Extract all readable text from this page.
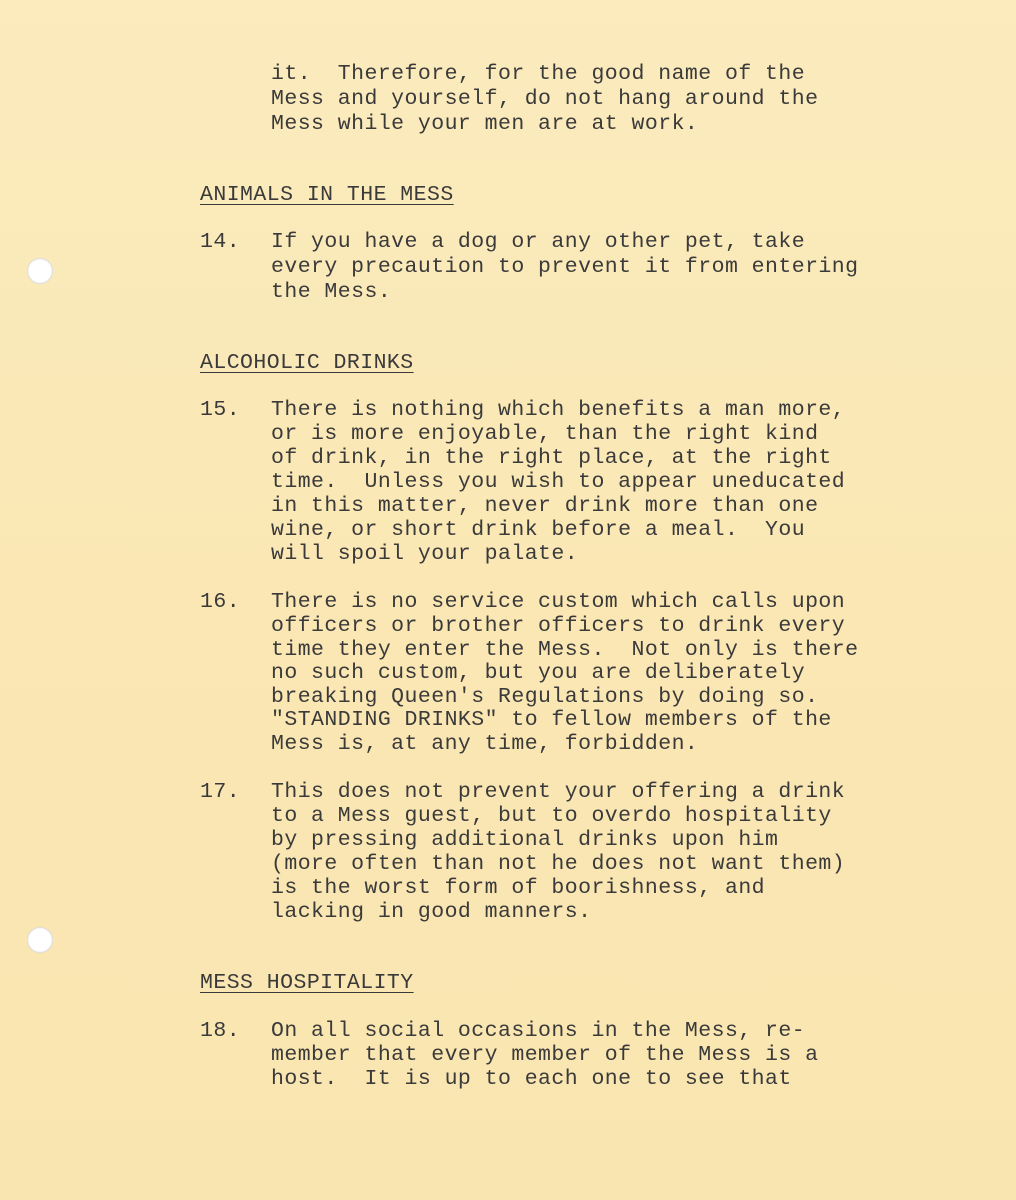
it.  Therefore, for the good name of the
Mess and yourself, do not hang around the
Mess while your men are at work.
ANIMALS IN THE MESS
14. If you have a dog or any other pet, take
every precaution to prevent it from entering
the Mess.
ALCOHOLIC DRINKS
15. There is nothing which benefits a man more,
or is more enjoyable, than the right kind
of drink, in the right place, at the right
time.  Unless you wish to appear uneducated
in this matter, never drink more than one
wine, or short drink before a meal.  You
will spoil your palate.
16. There is no service custom which calls upon
officers or brother officers to drink every
time they enter the Mess.  Not only is there
no such custom, but you are deliberately
breaking Queen's Regulations by doing so.
"STANDING DRINKS" to fellow members of the
Mess is, at any time, forbidden.
17. This does not prevent your offering a drink
to a Mess guest, but to overdo hospitality
by pressing additional drinks upon him
(more often than not he does not want them)
is the worst form of boorishness, and
lacking in good manners.
MESS HOSPITALITY
18. On all social occasions in the Mess, re-
member that every member of the Mess is a
host.  It is up to each one to see that
